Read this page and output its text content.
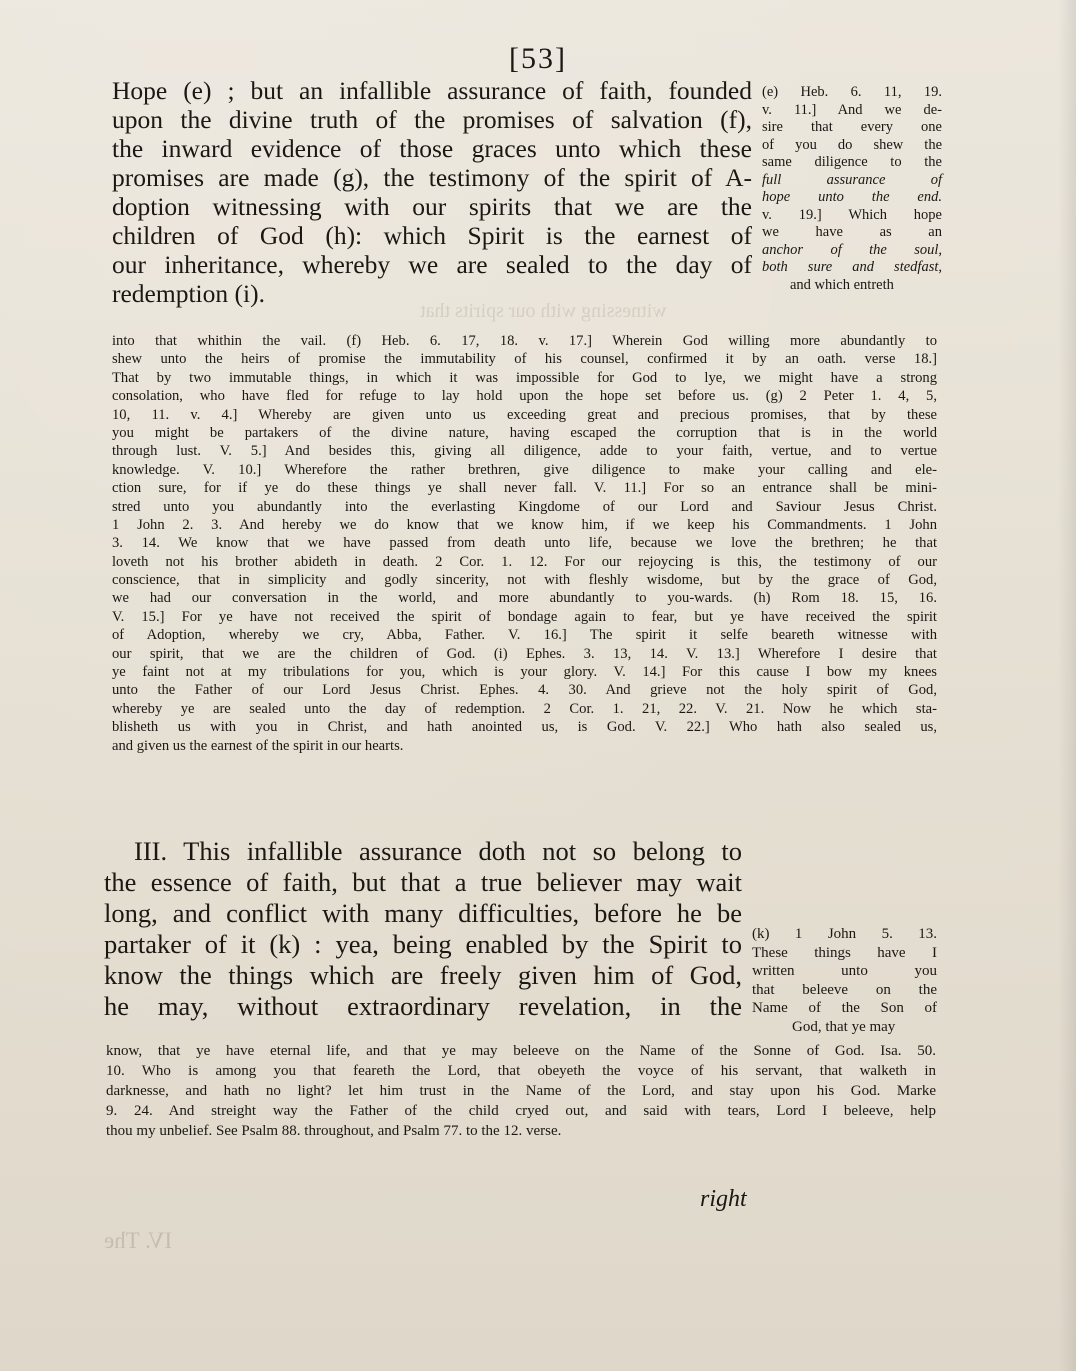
[53]
Hope (e) ; but an infallible assurance of faith, founded
upon the divine truth of the promises of salvation (f),
the inward evidence of those graces unto which these
promises are made (g), the testimony of the spirit of A-
doption witnessing with our spirits that we are the
children of God (h): which Spirit is the earnest of
our inheritance, whereby we are sealed to the day of
redemption (i).
witnessing with our spirits that
(e) Heb. 6. 11, 19.
v. 11.] And we de-
sire that every one
of you do shew the
same diligence to the
full assurance of
hope unto the end.
v. 19.] Which hope
we have as an
anchor of the soul,
both sure and stedfast,
and which entreth
into that whithin the vail. (f) Heb. 6. 17, 18. v. 17.] Wherein God willing more abundantly to
shew unto the heirs of promise the immutability of his counsel, confirmed it by an oath. verse 18.]
That by two immutable things, in which it was impossible for God to lye, we might have a strong
consolation, who have fled for refuge to lay hold upon the hope set before us. (g) 2 Peter 1. 4, 5,
10, 11. v. 4.] Whereby are given unto us exceeding great and precious promises, that by these
you might be partakers of the divine nature, having escaped the corruption that is in the world
through lust. V. 5.] And besides this, giving all diligence, adde to your faith, vertue, and to vertue
knowledge. V. 10.] Wherefore the rather brethren, give diligence to make your calling and ele-
ction sure, for if ye do these things ye shall never fall. V. 11.] For so an entrance shall be mini-
stred unto you abundantly into the everlasting Kingdome of our Lord and Saviour Jesus Christ.
1 John 2. 3. And hereby we do know that we know him, if we keep his Commandments. 1 John
3. 14. We know that we have passed from death unto life, because we love the brethren; he that
loveth not his brother abideth in death. 2 Cor. 1. 12. For our rejoycing is this, the testimony of our
conscience, that in simplicity and godly sincerity, not with fleshly wisdome, but by the grace of God,
we had our conversation in the world, and more abundantly to you-wards. (h) Rom 18. 15, 16.
V. 15.] For ye have not received the spirit of bondage again to fear, but ye have received the spirit
of Adoption, whereby we cry, Abba, Father. V. 16.] The spirit it selfe beareth witnesse with
our spirit, that we are the children of God. (i) Ephes. 3. 13, 14. V. 13.] Wherefore I desire that
ye faint not at my tribulations for you, which is your glory. V. 14.] For this cause I bow my knees
unto the Father of our Lord Jesus Christ. Ephes. 4. 30. And grieve not the holy spirit of God,
whereby ye are sealed unto the day of redemption. 2 Cor. 1. 21, 22. V. 21. Now he which sta-
blisheth us with you in Christ, and hath anointed us, is God. V. 22.] Who hath also sealed us,
and given us the earnest of the spirit in our hearts.
III. This infallible assurance doth not so belong to
the essence of faith, but that a true believer may wait
long, and conflict with many difficulties, before he be
partaker of it (k) : yea, being enabled by the Spirit to
know the things which are freely given him of God,
he may, without extraordinary revelation, in the
(k) 1 John 5. 13.
These things have I
written unto you
that beleeve on the
Name of the Son of
God, that ye may
know, that ye have eternal life, and that ye may beleeve on the Name of the Sonne of God. Isa. 50.
10. Who is among you that feareth the Lord, that obeyeth the voyce of his servant, that walketh in
darknesse, and hath no light? let him trust in the Name of the Lord, and stay upon his God. Marke
9. 24. And streight way the Father of the child cryed out, and said with tears, Lord I beleeve, help
thou my unbelief. See Psalm 88. throughout, and Psalm 77. to the 12. verse.
right
IV. The
